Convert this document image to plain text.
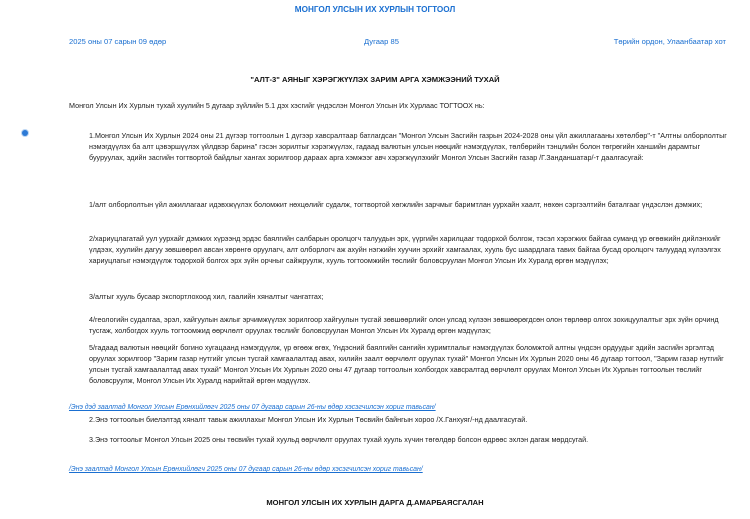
МОНГОЛ УЛСЫН ИХ ХУРЛЫН ТОГТООЛ
2025 оны 07 сарын 09 өдөр	Дугаар 85	Төрийн ордон, Улаанбаатар хот
"АЛТ-3" АЯНЫГ ХЭРЭГЖҮҮЛЭХ ЗАРИМ АРГА ХЭМЖЭЭНИЙ ТУХАЙ
Монгол Улсын Их Хурлын тухай хуулийн 5 дугаар зүйлийн 5.1 дэх хэсгийг үндэслэн Монгол Улсын Их Хурлаас ТОГТООХ нь:
1.Монгол Улсын Их Хурлын 2024 оны 21 дүгээр тогтоолын 1 дүгээр хавсралтаар батлагдсан "Монгол Улсын Засгийн газрын 2024-2028 оны үйл ажиллагааны хөтөлбөр"-т "Алтны олборлолтыг нэмэгдүүлэх ба алт цэвэршүүлэх үйлдвэр барина" гэсэн зорилтыг хэрэгжүүлэх, гадаад валютын улсын нөөцийг нэмэгдүүлэх, төлбөрийн тэнцлийн болон төгрөгийн ханшийн дарамтыг бууруулах, эдийн засгийн тогтвортой байдлыг хангах зорилгоор дараах арга хэмжээг авч хэрэгжүүлэхийг Монгол Улсын Засгийн газар /Г.Занданшатар/-т даалгасугай:
1/алт олборлолтын үйл ажиллагааг идэвхжүүлэх боломжит нөхцөлийг судалж, тогтвортой хөгжлийн зарчмыг баримтлан уурхайн хаалт, нөхөн сэргээлтийн баталгааг үндэслэн дэмжих;
2/хариуцлагатай уул уурхайг дэмжих хүрээнд эрдэс баялгийн салбарын оролцогч талуудын эрх, үүргийн харилцааг тодорхой болгож, тэсэл хэрэгжих байгаа суманд үр өгөөжийн дийлэнхийг үлдээх, хуулийн дагуу зөвшөөрөл авсан хөрөнгө оруулагч, алт олборлогч аж ахуйн нэгжийн хуучин эрхийг хамгаалах, хууль бус шаардлага тавих байгаа бусад оролцогч талуудад хүлээлгэх хариуцлагыг нэмэгдүүлж тодорхой болгох эрх зүйн орчныг сайжруулж, хууль тогтоомжийн төслийг боловсруулан Монгол Улсын Их Хуралд өргөн мэдүүлэх;
3/алтыг хууль бусаар экспортлохоод хил, гаалийн хяналтыг чангатгах;
4/геологийн судалгаа, эрэл, хайгуулын ажлыг эрчимжүүлэх зорилгоор хайгуулын тусгай зөвшөөрлийг олон улсад хүлээн зөвшөөрөгдсөн олон төрлөөр олгох зохицуулалтыг эрх зүйн орчинд тусгаж, холбогдох хууль тогтоомжид өөрчлөлт оруулах төслийг боловсруулан Монгол Улсын Их Хуралд өргөн мэдүүлэх;
5/гадаад валютын нөөцийг богино хугацаанд нэмэгдүүлж, үр өгөөж өгөх, Үндэсний баялгийн сангийн хуримтлалыг нэмэгдүүлэх боломжтой алтны үндсэн ордуудыг эдийн засгийн эргэлтэд оруулах зорилгоор "Зарим газар нутгийг улсын тусгай хамгаалалтад авах, хилийн заалт өөрчлөлт оруулах тухай" Монгол Улсын Их Хурлын 2020 оны 46 дугаар тогтоол, "Зарим газар нутгийг улсын тусгай хамгаалалтад авах тухай" Монгол Улсын Их Хурлын 2020 оны 47 дугаар тогтоолын холбогдох хавсралтад өөрчлөлт оруулах Монгол Улсын Их Хурлын тогтоолын төслийг боловсруулж, Монгол Улсын Их Хуралд нарийтай өргөн мэдүүлэх.
/Энэ дэд заалтад Монгол Улсын Ерөнхийлөгч 2025 оны 07 дугаар сарын 26-ны өдөр хэсэгчилсэн хориг тавьсан/
2.Энэ тогтоолын биелэлтэд хяналт тавьж ажиллахыг Монгол Улсын Их Хурлын Төсвийн байнгын хороо /Х.Ганхуяг/-нд даалгасугай.
3.Энэ тогтоолыг Монгол Улсын 2025 оны төсвийн тухай хуульд өөрчлөлт оруулах тухай хууль хүчин төгөлдөр болсон өдрөөс эхлэн дагаж мөрдсугай.
/Энэ заалтад Монгол Улсын Ерөнхийлөгч 2025 оны 07 дугаар сарын 26-ны өдөр хэсэгчилсэн хориг тавьсан/
МОНГОЛ УЛСЫН ИХ ХУРЛЫН ДАРГА Д.АМАРБАЯСГАЛАН
